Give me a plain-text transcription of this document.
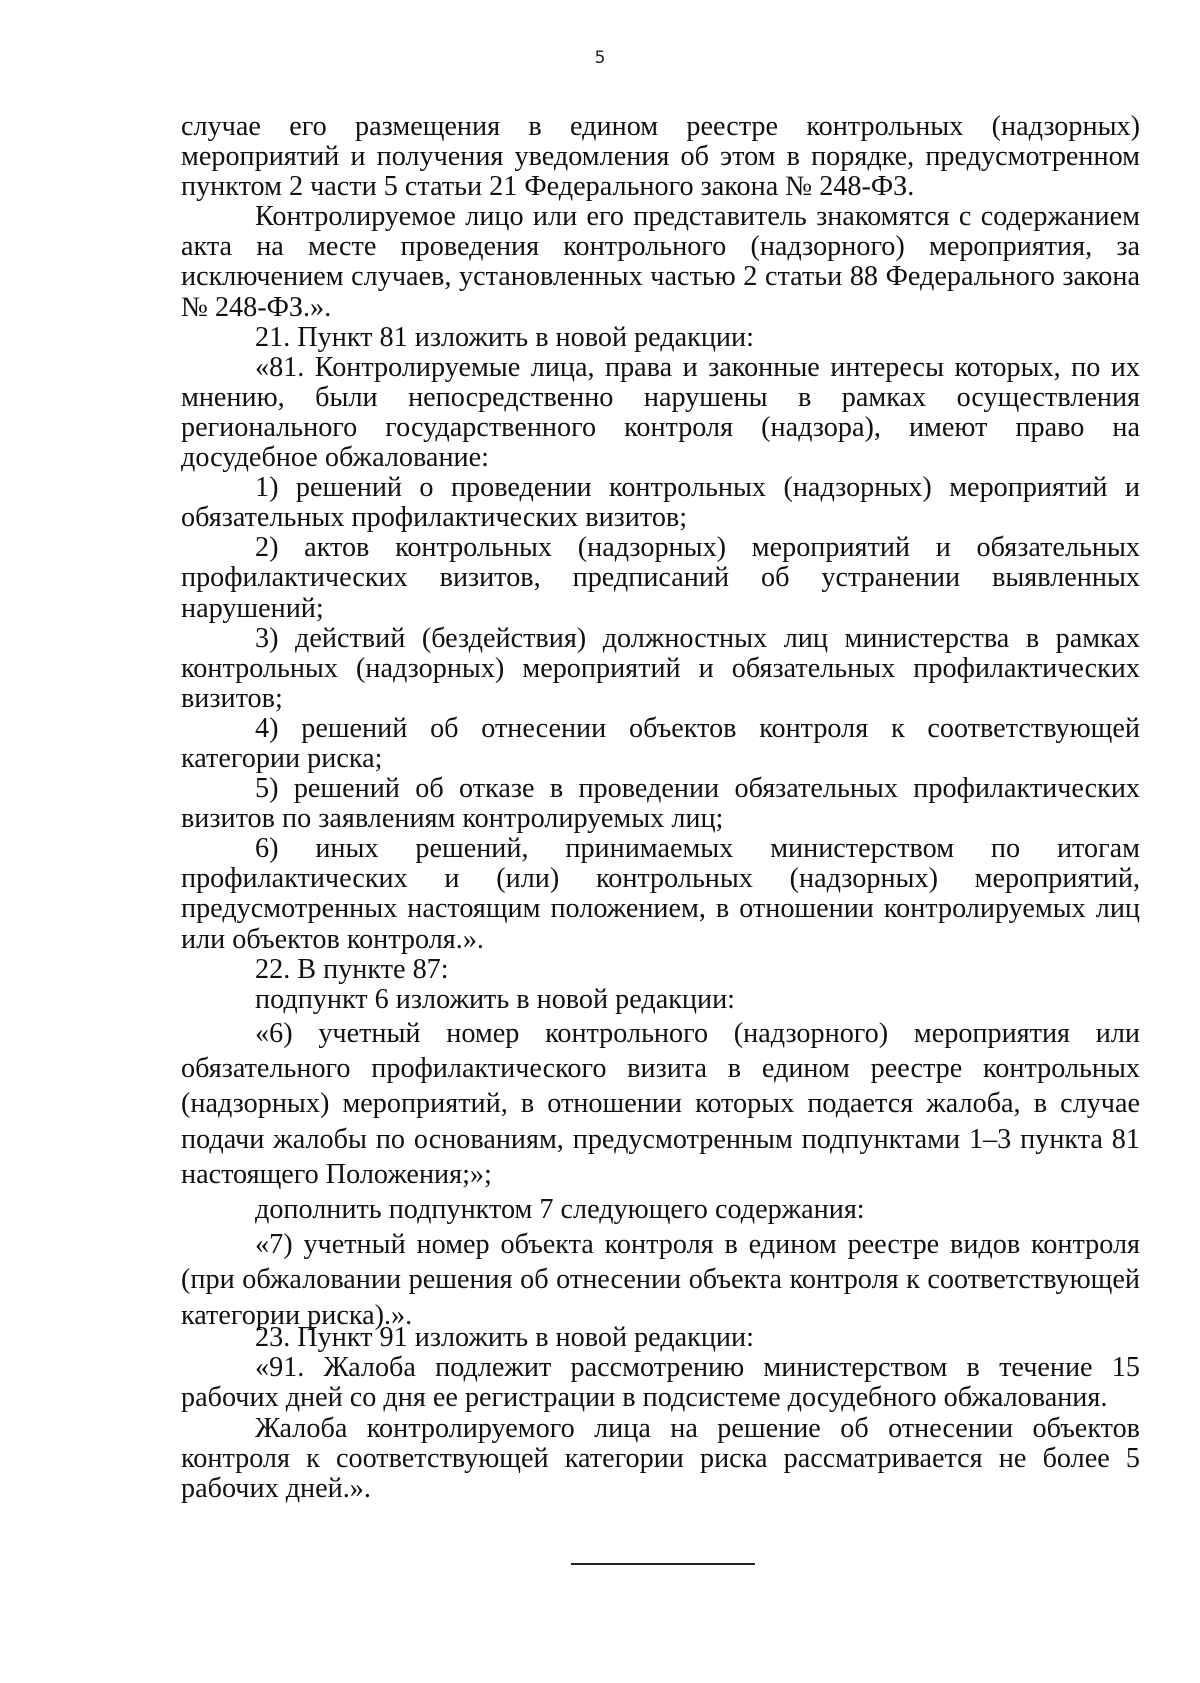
5

случае его размещения в едином реестре контрольных (надзорных) мероприятий и получения уведомления об этом в порядке, предусмотренном пунктом 2 части 5 статьи 21 Федерального закона № 248-ФЗ.

Контролируемое лицо или его представитель знакомятся с содержанием акта на месте проведения контрольного (надзорного) мероприятия, за исключением случаев, установленных частью 2 статьи 88 Федерального закона № 248-ФЗ.».

21. Пункт 81 изложить в новой редакции:

«81. Контролируемые лица, права и законные интересы которых, по их мнению, были непосредственно нарушены в рамках осуществления регионального государственного контроля (надзора), имеют право на досудебное обжалование:

1) решений о проведении контрольных (надзорных) мероприятий и обязательных профилактических визитов;

2) актов контрольных (надзорных) мероприятий и обязательных профилактических визитов, предписаний об устранении выявленных нарушений;

3) действий (бездействия) должностных лиц министерства в рамках контрольных (надзорных) мероприятий и обязательных профилактических визитов;

4) решений об отнесении объектов контроля к соответствующей категории риска;

5) решений об отказе в проведении обязательных профилактических визитов по заявлениям контролируемых лиц;

6) иных решений, принимаемых министерством по итогам профилактических и (или) контрольных (надзорных) мероприятий, предусмотренных настоящим положением, в отношении контролируемых лиц или объектов контроля.».

22. В пункте 87:

подпункт 6 изложить в новой редакции:

«6) учетный номер контрольного (надзорного) мероприятия или обязательного профилактического визита в едином реестре контрольных (надзорных) мероприятий, в отношении которых подается жалоба, в случае подачи жалобы по основаниям, предусмотренным подпунктами 1–3 пункта 81 настоящего Положения;»;

дополнить подпунктом 7 следующего содержания:

«7) учетный номер объекта контроля в едином реестре видов контроля (при обжаловании решения об отнесении объекта контроля к соответствующей категории риска).».

23. Пункт 91 изложить в новой редакции:

«91. Жалоба подлежит рассмотрению министерством в течение 15 рабочих дней со дня ее регистрации в подсистеме досудебного обжалования.

Жалоба контролируемого лица на решение об отнесении объектов контроля к соответствующей категории риска рассматривается не более 5 рабочих дней.».
